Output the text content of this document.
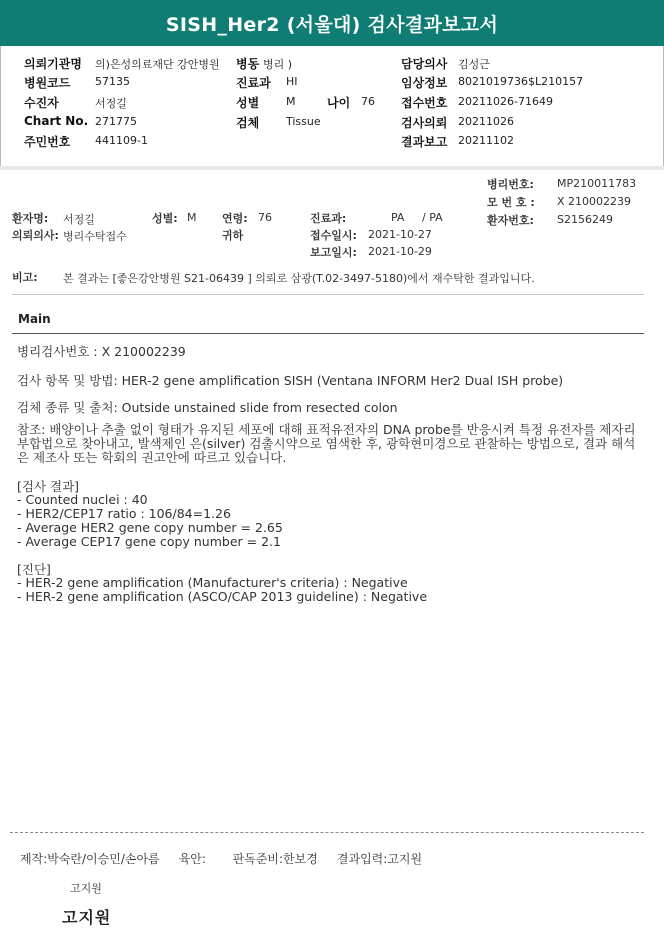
SISH_Her2 (서울대) 검사결과보고서
의뢰기관명 의)은성의료재단 강안병원 병동 병리 )	담당의사 김성근
병원코드 57135	진료과 HI	임상정보 8021019736$L210157
수진자	서정길	성별 M	나이 76 접수번호 20211026-71649
Chart No. 271775	검체 Tissue	검사의뢰 20211026
주민번호 441109-1	결과보고 20211102
병리번호: MP210011783
모 번 호 : X 210002239
환자명: 서정길	성별: M 연령: 76	진료과:	PA / PA	환자번호: S2156249
의뢰의사: 병리수탁접수	귀하	접수일시: 2021-10-27
보고일시: 2021-10-29
비고: 본 결과는 [좋은강안병원 S21-06439 ] 의뢰로 삼광(T.02-3497-5180)에서 재수탁한 결과입니다.
Main
병리검사번호 : X 210002239
검사 항목 및 방법: HER-2 gene amplification SISH (Ventana INFORM Her2 Dual ISH probe)
검체 종류 및 출처: Outside unstained slide from resected colon
참조: 배양이나 추출 없이 형태가 유지된 세포에 대해 표적유전자의 DNA probe를 반응시켜 특정 유전자를 제자리부합법으로 찾아내고, 발색제인 은(silver) 검출시약으로 염색한 후, 광학현미경으로 관찰하는 방법으로, 결과 해석은 제조사 또는 학회의 권고안에 따르고 있습니다.
[검사 결과]
- Counted nuclei : 40
- HER2/CEP17 ratio : 106/84=1.26
- Average HER2 gene copy number = 2.65
- Average CEP17 gene copy number = 2.1
[진단]
- HER-2 gene amplification (Manufacturer's criteria) : Negative
- HER-2 gene amplification (ASCO/CAP 2013 guideline) : Negative
제작:박숙란/이승민/손아름     육안:       판독준비:한보경     결과입력:고지원
고지원
고지원
